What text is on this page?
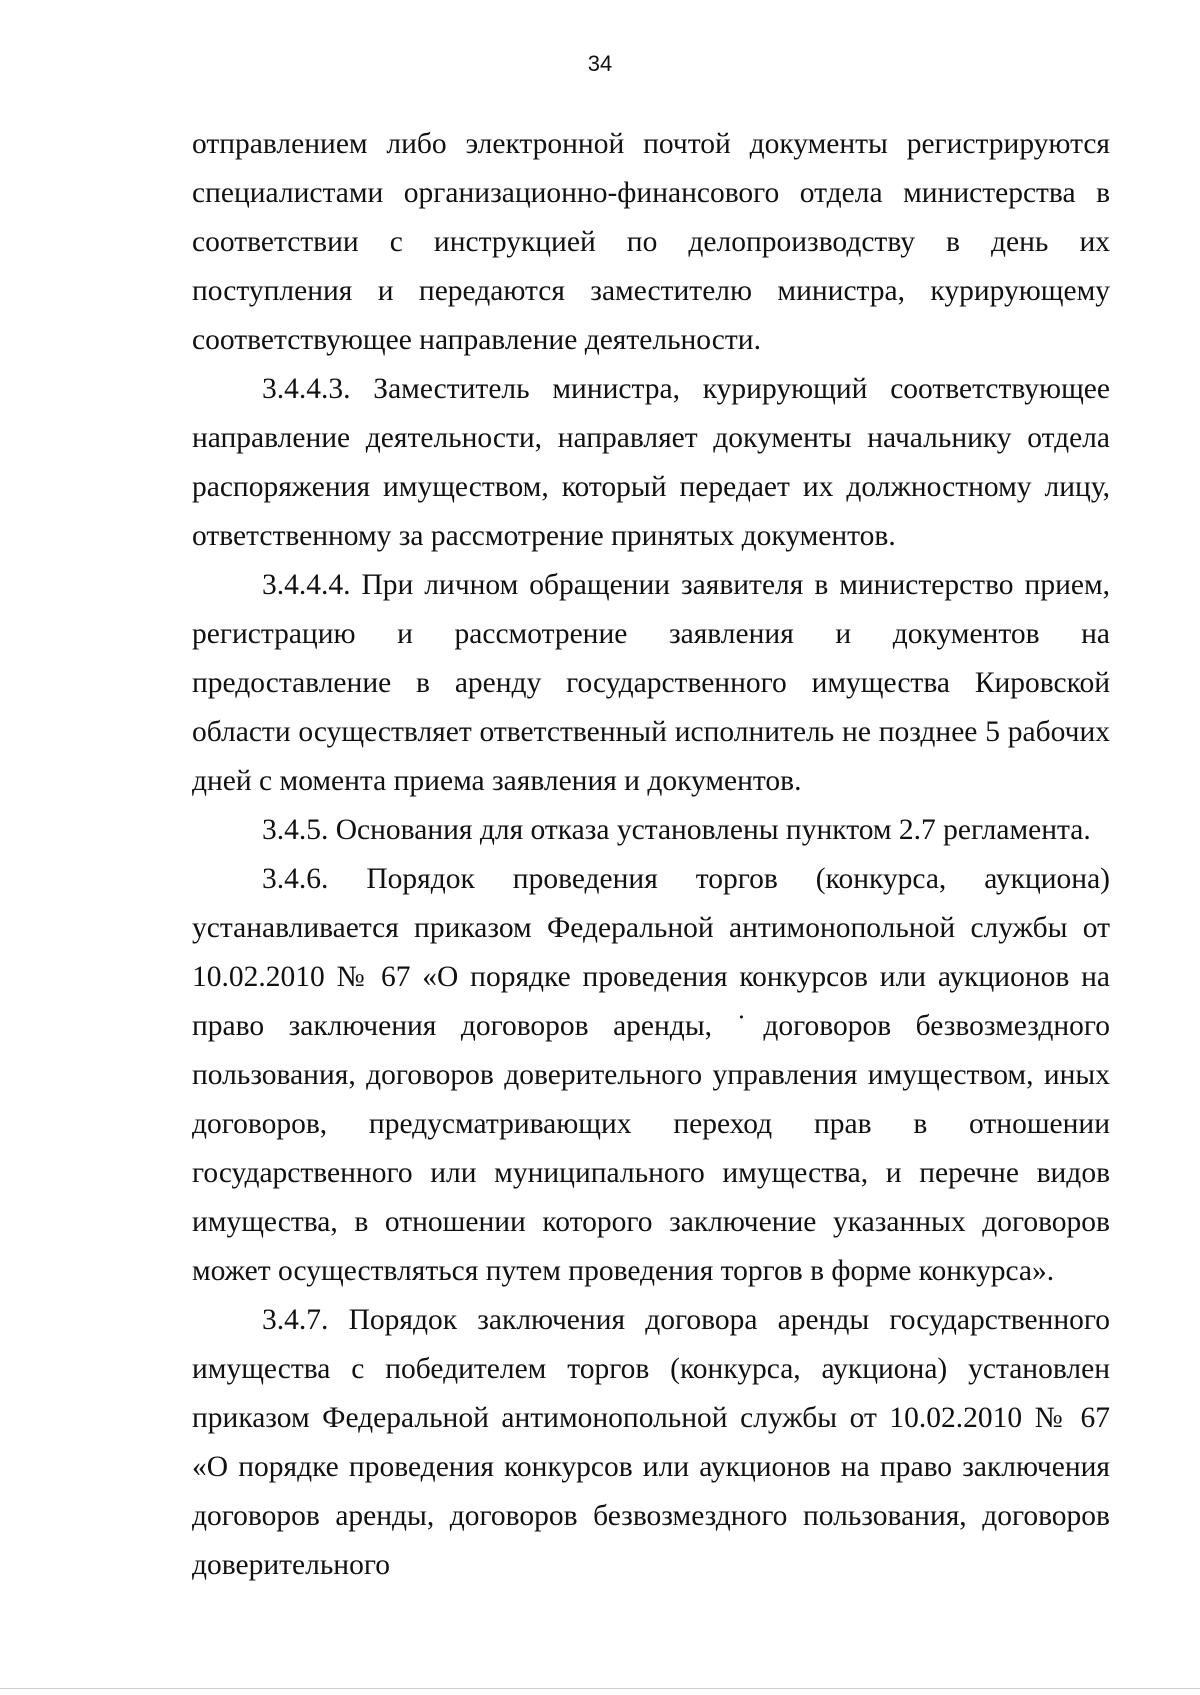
34

отправлением либо электронной почтой документы регистрируются специалистами организационно-финансового отдела министерства в соответствии с инструкцией по делопроизводству в день их поступления и передаются заместителю министра, курирующему соответствующее направление деятельности.

3.4.4.3. Заместитель министра, курирующий соответствующее направление деятельности, направляет документы начальнику отдела распоряжения имуществом, который передает их должностному лицу, ответственному за рассмотрение принятых документов.

3.4.4.4. При личном обращении заявителя в министерство прием, регистрацию и рассмотрение заявления и документов на предоставление в аренду государственного имущества Кировской области осуществляет ответственный исполнитель не позднее 5 рабочих дней с момента приема заявления и документов.

3.4.5. Основания для отказа установлены пунктом 2.7 регламента.

3.4.6. Порядок проведения торгов (конкурса, аукциона) устанавливается приказом Федеральной антимонопольной службы от 10.02.2010 № 67 «О порядке проведения конкурсов или аукционов на право заключения договоров аренды, ˙договоров безвозмездного пользования, договоров доверительного управления имуществом, иных договоров, предусматривающих переход прав в отношении государственного или муниципального имущества, и перечне видов имущества, в отношении которого заключение указанных договоров может осуществляться путем проведения торгов в форме конкурса».

3.4.7. Порядок заключения договора аренды государственного имущества с победителем торгов (конкурса, аукциона) установлен приказом Федеральной антимонопольной службы от 10.02.2010 № 67 «О порядке проведения конкурсов или аукционов на право заключения договоров аренды, договоров безвозмездного пользования, договоров доверительного
